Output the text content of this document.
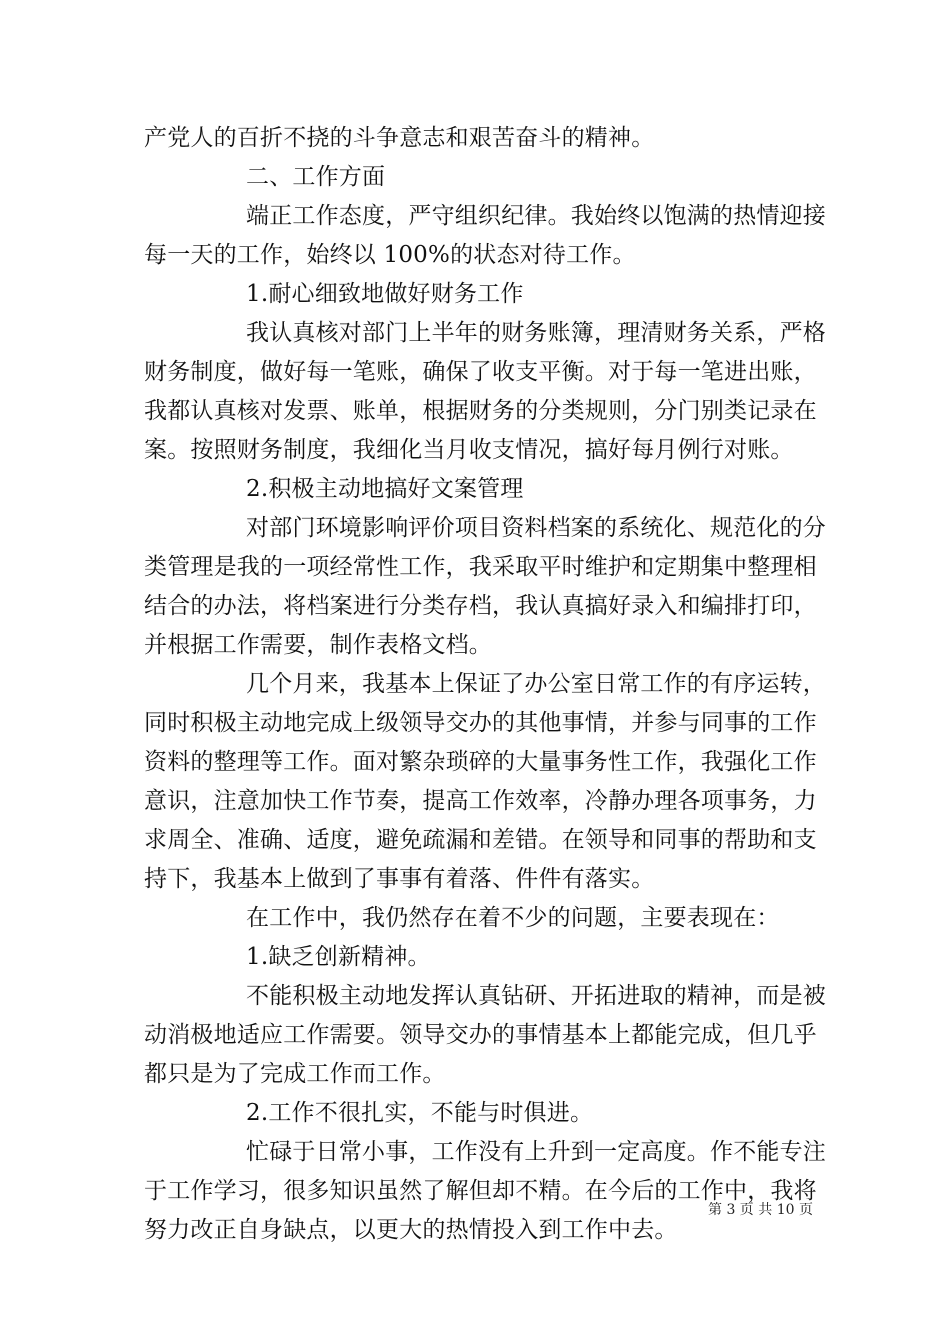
产党人的百折不挠的斗争意志和艰苦奋斗的精神。
二、工作方面
端正工作态度，严守组织纪律。我始终以饱满的热情迎接
每一天的工作，始终以 100%的状态对待工作。
1.耐心细致地做好财务工作
我认真核对部门上半年的财务账簿，理清财务关系，严格
财务制度，做好每一笔账，确保了收支平衡。对于每一笔进出账，
我都认真核对发票、账单，根据财务的分类规则，分门别类记录在
案。按照财务制度，我细化当月收支情况，搞好每月例行对账。
2.积极主动地搞好文案管理
对部门环境影响评价项目资料档案的系统化、规范化的分
类管理是我的一项经常性工作，我采取平时维护和定期集中整理相
结合的办法，将档案进行分类存档，我认真搞好录入和编排打印，
并根据工作需要，制作表格文档。
几个月来，我基本上保证了办公室日常工作的有序运转，
同时积极主动地完成上级领导交办的其他事情，并参与同事的工作
资料的整理等工作。面对繁杂琐碎的大量事务性工作，我强化工作
意识，注意加快工作节奏，提高工作效率，冷静办理各项事务，力
求周全、准确、适度，避免疏漏和差错。在领导和同事的帮助和支
持下，我基本上做到了事事有着落、件件有落实。
在工作中，我仍然存在着不少的问题，主要表现在：
1.缺乏创新精神。
不能积极主动地发挥认真钻研、开拓进取的精神，而是被
动消极地适应工作需要。领导交办的事情基本上都能完成，但几乎
都只是为了完成工作而工作。
2.工作不很扎实，不能与时俱进。
忙碌于日常小事，工作没有上升到一定高度。作不能专注
于工作学习，很多知识虽然了解但却不精。在今后的工作中，我将
努力改正自身缺点，以更大的热情投入到工作中去。
第 3 页 共 10 页
